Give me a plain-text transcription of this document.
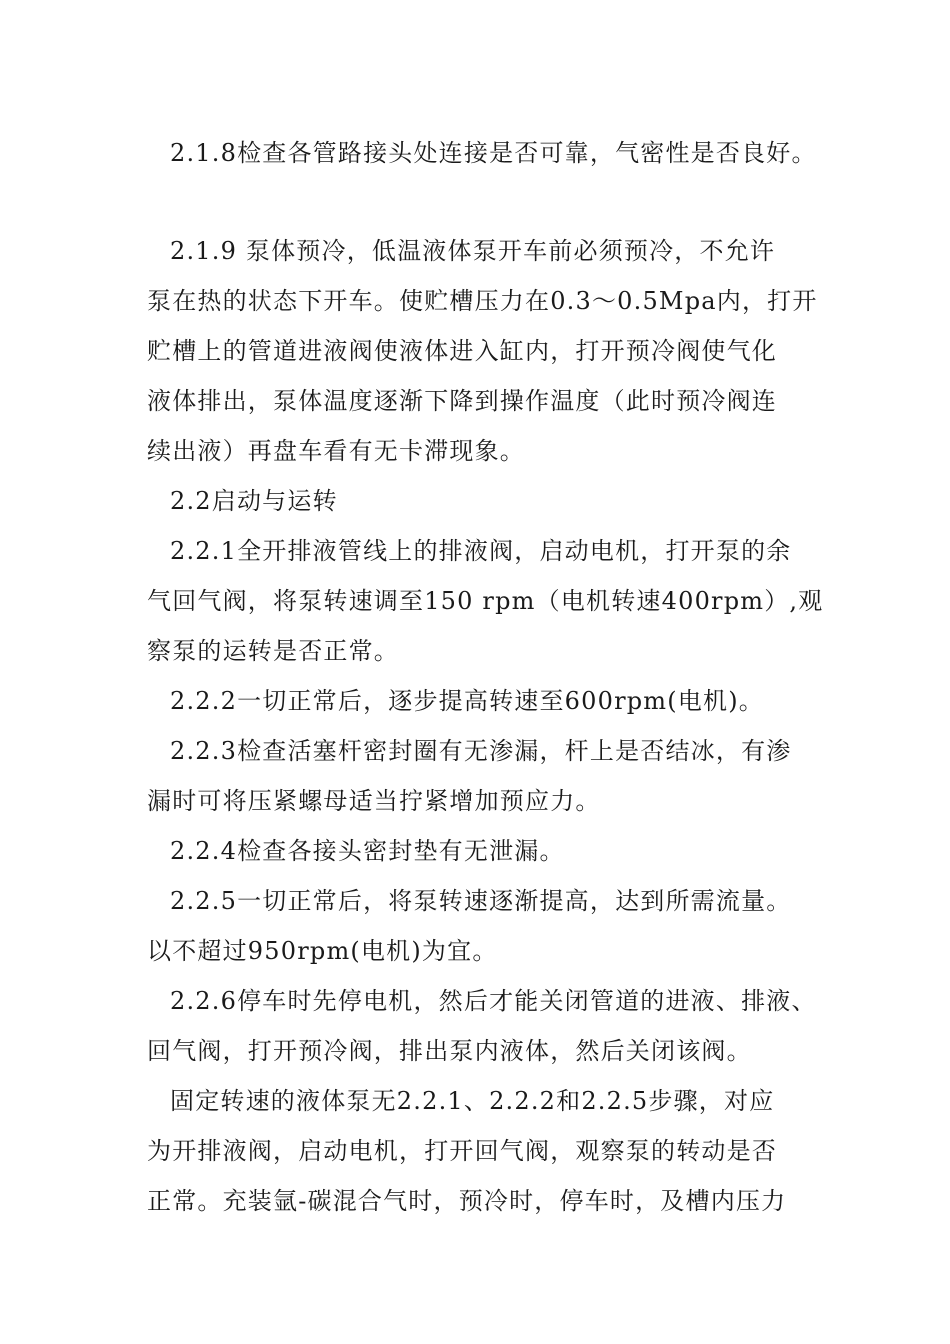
2.1.8检查各管路接头处连接是否可靠，气密性是否良好。
2.1.9 泵体预冷，低温液体泵开车前必须预冷，不允许
泵在热的状态下开车。使贮槽压力在0.3～0.5Mpa内，打开
贮槽上的管道进液阀使液体进入缸内，打开预冷阀使气化
液体排出，泵体温度逐渐下降到操作温度（此时预冷阀连
续出液）再盘车看有无卡滞现象。
2.2启动与运转
2.2.1全开排液管线上的排液阀，启动电机，打开泵的余
气回气阀，将泵转速调至150 rpm（电机转速400rpm）,观
察泵的运转是否正常。
2.2.2一切正常后，逐步提高转速至600rpm(电机)。
2.2.3检查活塞杆密封圈有无渗漏，杆上是否结冰，有渗
漏时可将压紧螺母适当拧紧增加预应力。
2.2.4检查各接头密封垫有无泄漏。
2.2.5一切正常后，将泵转速逐渐提高，达到所需流量。
以不超过950rpm(电机)为宜。
2.2.6停车时先停电机，然后才能关闭管道的进液、排液、
回气阀，打开预冷阀，排出泵内液体，然后关闭该阀。
固定转速的液体泵无2.2.1、2.2.2和2.2.5步骤，对应
为开排液阀，启动电机，打开回气阀，观察泵的转动是否
正常。充装氩-碳混合气时，预冷时，停车时，及槽内压力
